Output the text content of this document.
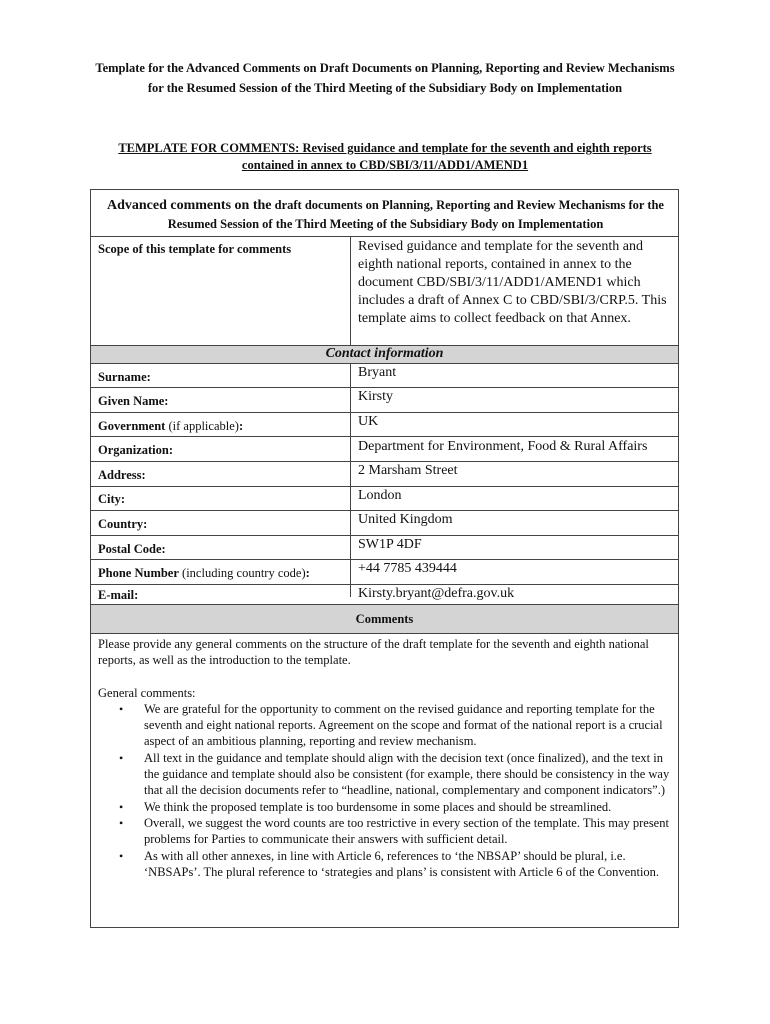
Template for the Advanced Comments on Draft Documents on Planning, Reporting and Review Mechanisms for the Resumed Session of the Third Meeting of the Subsidiary Body on Implementation

TEMPLATE FOR COMMENTS: Revised guidance and template for the seventh and eighth reports contained in annex to CBD/SBI/3/11/ADD1/AMEND1

Advanced comments on the draft documents on Planning, Reporting and Review Mechanisms for the Resumed Session of the Third Meeting of the Subsidiary Body on Implementation
Scope of this template for comments	Revised guidance and template for the seventh and eighth national reports, contained in annex to the document CBD/SBI/3/11/ADD1/AMEND1 which includes a draft of Annex C to CBD/SBI/3/CRP.5. This template aims to collect feedback on that Annex.
Contact information
Surname:	Bryant
Given Name:	Kirsty
Government (if applicable):	UK
Organization:	Department for Environment, Food & Rural Affairs
Address:	2 Marsham Street
City:	London
Country:	United Kingdom
Postal Code:	SW1P 4DF
Phone Number (including country code):	+44 7785 439444
E-mail:	Kirsty.bryant@defra.gov.uk
Comments

Please provide any general comments on the structure of the draft template for the seventh and eighth national reports, as well as the introduction to the template.

General comments:

• We are grateful for the opportunity to comment on the revised guidance and reporting template for the seventh and eight national reports. Agreement on the scope and format of the national report is a crucial aspect of an ambitious planning, reporting and review mechanism.
• All text in the guidance and template should align with the decision text (once finalized), and the text in the guidance and template should also be consistent (for example, there should be consistency in the way that all the decision documents refer to “headline, national, complementary and component indicators”.)
• We think the proposed template is too burdensome in some places and should be streamlined.
• Overall, we suggest the word counts are too restrictive in every section of the template. This may present problems for Parties to communicate their answers with sufficient detail.
• As with all other annexes, in line with Article 6, references to ‘the NBSAP’ should be plural, i.e. ‘NBSAPs’. The plural reference to ‘strategies and plans’ is consistent with Article 6 of the Convention.
